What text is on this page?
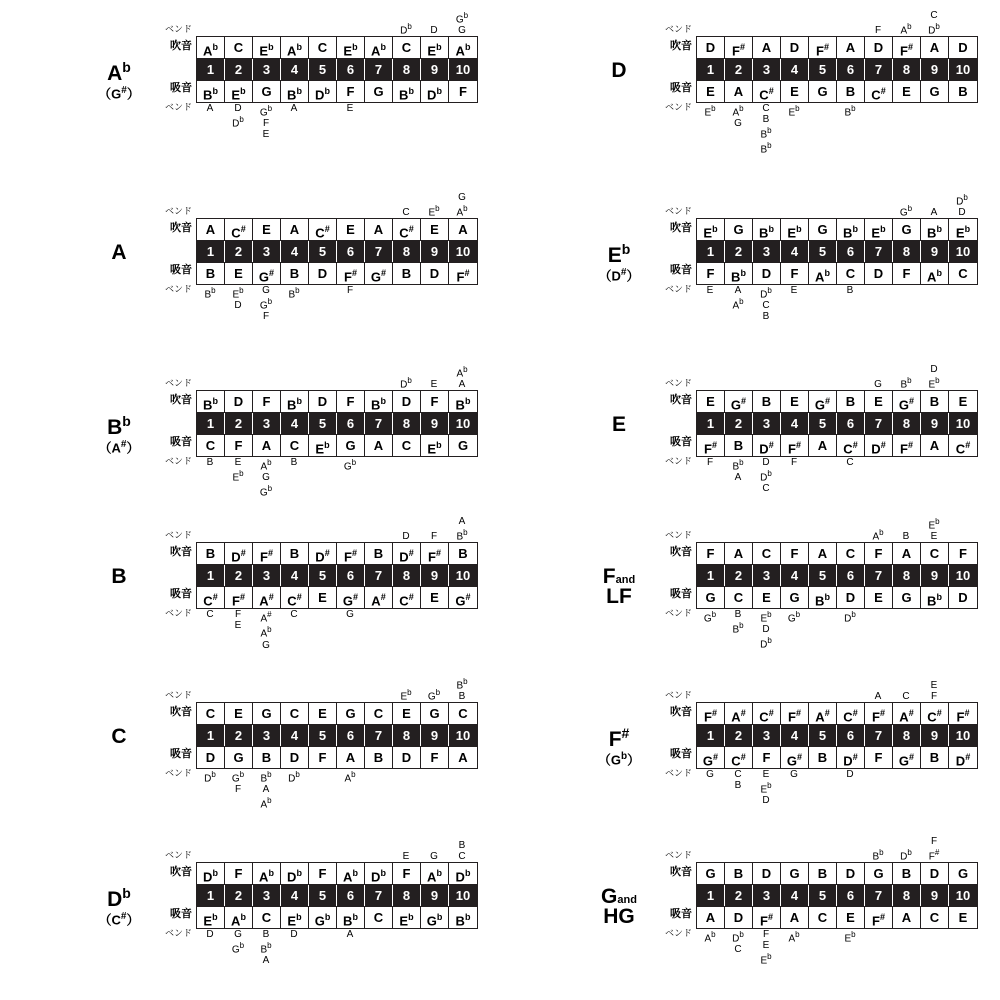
$A^b$
（G#）
ベンド	$D^b$	D
$G^b$
G
$A^b$	C	$E^b$	$A^b$	C	$E^b$	$A^b$	C	$E^b$	$A^b$
1	2	3	4	5	6	7	8	9	10
$B^b$	$E^b$	G	$B^b$	$D^b$	F	G	$B^b$	$D^b$	F
吹音
吸音
ベンド	A	D
$D^b$
$G^b$
F
E
A	E
A
ベンド	C	$E^b$
G
$A^b$
A	C#	E	A	C#	E	A	C#	E	A
1	2	3	4	5	6	7	8	9	10
B	E	G#	B	D	F#	G#	B	D	F#
吹音
吸音
ベンド
$B^b$	$E^b$
D
G
$G^b$
F
$B^b$	F
$B^b$
（A#）
ベンド	$D^b$	E
$A^b$
A
$B^b$	D	F	$B^b$	D	F	$B^b$	D	F	$B^b$
1	2	3	4	5	6	7	8	9	10
C	F	A	C	$E^b$	G	A	C	$E^b$	G
吹音
吸音
ベンド	B	E
$E^b$
$A^b$
G
$G^b$
B	$G^b$
B
ベンド	D	F
A
$B^b$
B	D#	F#	B	D#	F#	B	D#	F#	B
1	2	3	4	5	6	7	8	9	10
C#	F#	A#	C#	E	G#	A#	C#	E	G#
吹音
吸音
ベンド	C	F
E
A#
$A^b$
G
C	G
C
ベンド	$E^b$	$G^b$
$B^b$
B
C	E	G	C	E	G	C	E	G	C
1	2	3	4	5	6	7	8	9	10
D	G	B	D	F	A	B	D	F	A
吹音
吸音
ベンド
$D^b$	$G^b$
F
$B^b$
A
$A^b$
$D^b$	$A^b$
$D^b$
（C#）
ベンド	E	G
B
C
$D^b$	F	$A^b$	$D^b$	F	$A^b$	$D^b$	F	$A^b$	$D^b$
1	2	3	4	5	6	7	8	9	10
$E^b$	$A^b$	C	$E^b$	$G^b$ $B^b$	C	$E^b$	$G^b$	$B^b$
吹音
吸音
ベンド	D	G
$G^b$
B
$B^b$
A
D	A
D
ベンド	F	$A^b$
C
$D^b$
D	F#	A	D	F#	A	D	F#	A	D
1	2	3	4	5	6	7	8	9	10
E	A	C#	E	G	B	C#	E	G	B
吹音
吸音
ベンド
$E^b$	$A^b$
G
C
B
$B^b$
$B^b$
$E^b$	$B^b$
$E^b$
（D#）
ベンド	$G^b$	A
$D^b$
D
$E^b$	G	$B^b$	$E^b$	G	$B^b$	$E^b$	G	$B^b$	$E^b$
1	2	3	4	5	6	7	8	9	10
F	$B^b$	D	F	$A^b$	C	D	F	$A^b$	C
吹音
吸音
ベンド	E	A
$A^b$
$D^b$
C
B
E	B
E
ベンド	G	$B^b$
D
$E^b$
E	G#	B	E	G#	B	E	G#	B	E
1	2	3	4	5	6	7	8	9	10
F#	B	D#	F#	A	C#	D#	F#	A	C#
吹音
吸音
ベンド	F	$B^b$
A
D
$D^b$
C
F	C
Fand
LF
ベンド	$A^b$	B
$E^b$
E
F	A	C	F	A	C	F	A	C	F
1	2	3	4	5	6	7	8	9	10
G	C	E	G	$B^b$	D	E	G	$B^b$	D
吹音
吸音
ベンド
$G^b$	B
$B^b$
$E^b$
D
$D^b$
$G^b$	$D^b$
F#
$(G^b)$
ベンド	A	C
E
F
F#	A#	C#	F#	A#	C#	F#	A#	C#	F#
1	2	3	4	5	6	7	8	9	10
G#	C#	F	G#	B	D#	F	G#	B	D#
吹音
吸音
ベンド	G	C
B
E
$E^b$
D
G	D
Gand
HG
ベンド	$B^b$	$D^b$
F
F#
G	B	D	G	B	D	G	B	D	G
1	2	3	4	5	6	7	8	9	10
A	D	F#	A	C	E	F#	A	C	E
吹音
吸音
ベンド
$A^b$	$D^b$
C
F
E
$E^b$
$A^b$	$E^b$
